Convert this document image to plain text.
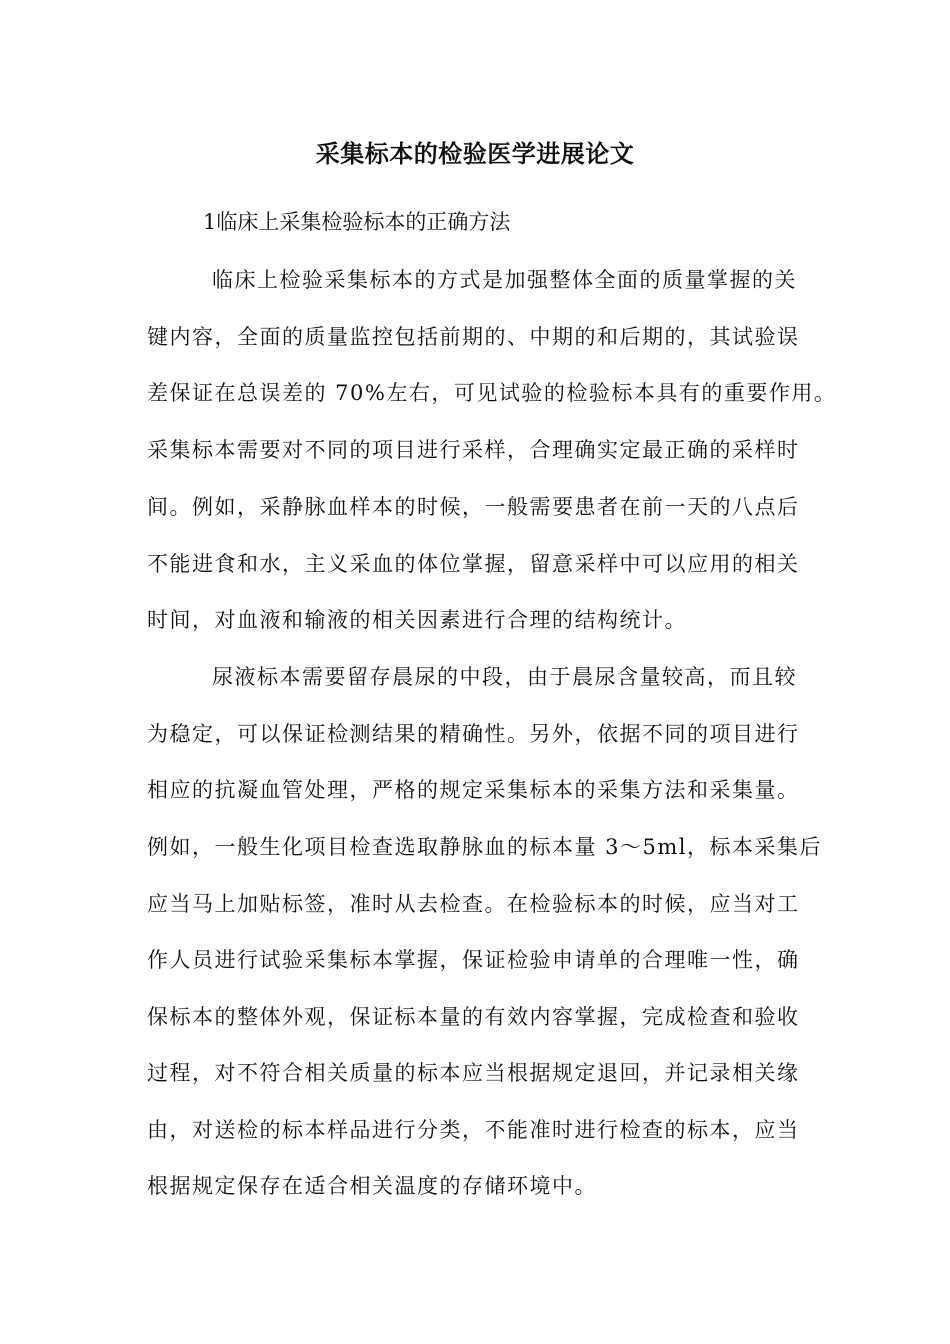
采集标本的检验医学进展论文
1临床上采集检验标本的正确方法
临床上检验采集标本的方式是加强整体全面的质量掌握的关
键内容，全面的质量监控包括前期的、中期的和后期的，其试验误
差保证在总误差的 70%左右，可见试验的检验标本具有的重要作用。
采集标本需要对不同的项目进行采样，合理确实定最正确的采样时
间。例如，采静脉血样本的时候，一般需要患者在前一天的八点后
不能进食和水，主义采血的体位掌握，留意采样中可以应用的相关
时间，对血液和输液的相关因素进行合理的结构统计。
尿液标本需要留存晨尿的中段，由于晨尿含量较高，而且较
为稳定，可以保证检测结果的精确性。另外，依据不同的项目进行
相应的抗凝血管处理，严格的规定采集标本的采集方法和采集量。
例如，一般生化项目检查选取静脉血的标本量 3～5ml，标本采集后
应当马上加贴标签，准时从去检查。在检验标本的时候，应当对工
作人员进行试验采集标本掌握，保证检验申请单的合理唯一性，确
保标本的整体外观，保证标本量的有效内容掌握，完成检查和验收
过程，对不符合相关质量的标本应当根据规定退回，并记录相关缘
由，对送检的标本样品进行分类，不能准时进行检查的标本，应当
根据规定保存在适合相关温度的存储环境中。
